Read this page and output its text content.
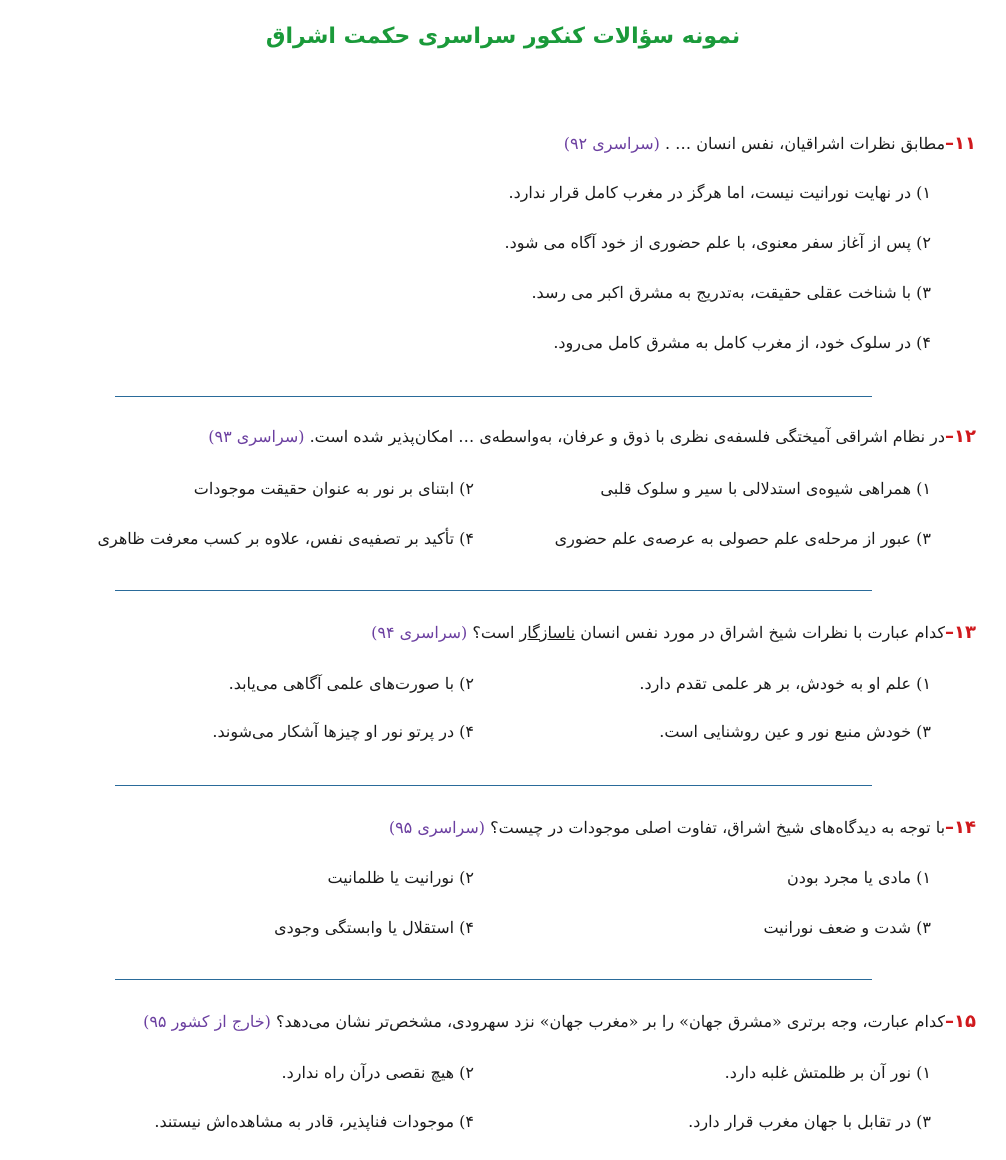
نمونه سؤالات کنکور سراسری حکمت اشراق
۱۱–مطابق نظرات اشراقیان، نفس انسان … . (سراسری ۹۲)
۱) در نهایت نورانیت نیست، اما هرگز در مغرب کامل قرار ندارد.
۲) پس از آغاز سفر معنوی، با علم حضوری از خود آگاه می شود.
۳) با شناخت عقلی حقیقت، به‌تدریج به مشرق اکبر می رسد.
۴) در سلوک خود، از مغرب کامل به مشرق کامل می‌رود.
۱۲–در نظام اشراقی آمیختگی فلسفه‌ی نظری با ذوق و عرفان، به‌واسطه‌ی … امکان‌پذیر شده است. (سراسری ۹۳)
۱) همراهی شیوه‌ی استدلالی با سیر و سلوک قلبی
۲) ابتنای بر نور به عنوان حقیقت موجودات
۳) عبور از مرحله‌ی علم حصولی به عرصه‌ی علم حضوری
۴) تأکید بر تصفیه‌ی نفس، علاوه بر کسب معرفت ظاهری
۱۳–کدام عبارت با نظرات شیخ اشراق در مورد نفس انسان ناسازگار است؟ (سراسری ۹۴)
۱) علم او به خودش، بر هر علمی تقدم دارد.
۲) با صورت‌های علمی آگاهی می‌یابد.
۳) خودش منبع نور و عین روشنایی است.
۴) در پرتو نور او چیزها آشکار می‌شوند.
۱۴–با توجه به دیدگاه‌های شیخ اشراق، تفاوت اصلی موجودات در چیست؟ (سراسری ۹۵)
۱) مادی یا مجرد بودن
۲) نورانیت یا ظلمانیت
۳) شدت و ضعف نورانیت
۴) استقلال یا وابستگی وجودی
۱۵–کدام عبارت، وجه برتری «مشرق جهان» را بر «مغرب جهان» نزد سهرودی، مشخص‌تر نشان می‌دهد؟ (خارج از کشور ۹۵)
۱) نور آن بر ظلمتش غلبه دارد.
۲) هیچ نقصی درآن راه ندارد.
۳) در تقابل با جهان مغرب قرار دارد.
۴) موجودات فناپذیر، قادر به مشاهده‌اش نیستند.
